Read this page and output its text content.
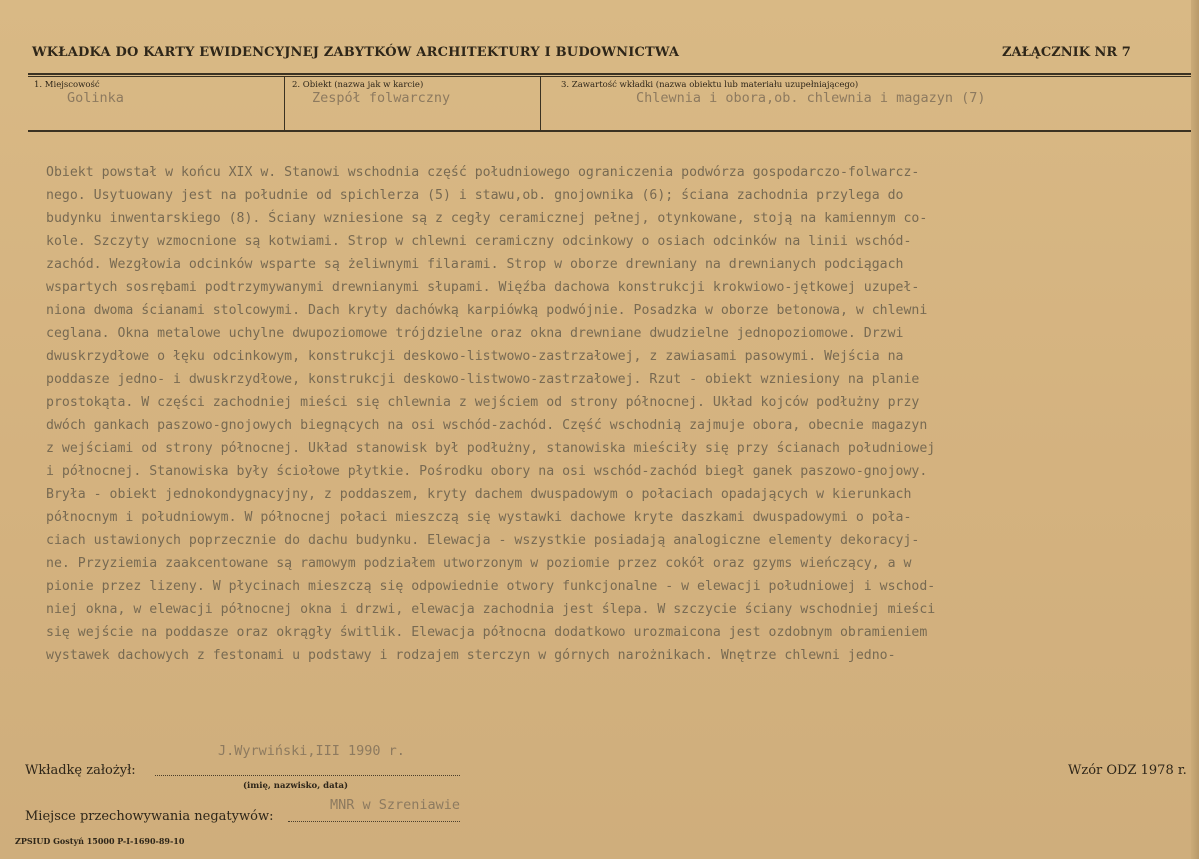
WKŁADKA DO KARTY EWIDENCYJNEJ ZABYTKÓW ARCHITEKTURY I BUDOWNICTWA	ZAŁĄCZNIK NR 7
1. Miejscowość
Golinka
2. Obiekt (nazwa jak w karcie)
Zespół folwarczny
3. Zawartość wkładki (nazwa obiektu lub materiału uzupełniającego)
Chlewnia i obora,ob. chlewnia i magazyn (7)
Obiekt powstał w końcu XIX w. Stanowi wschodnia część południowego ograniczenia podwórza gospodarczo-folwarcz-
nego. Usytuowany jest na południe od spichlerza (5) i stawu,ob. gnojownika (6); ściana zachodnia przylega do
budynku inwentarskiego (8). Ściany wzniesione są z cegły ceramicznej pełnej, otynkowane, stoją na kamiennym co-
kole. Szczyty wzmocnione są kotwiami. Strop w chlewni ceramiczny odcinkowy o osiach odcinków na linii wschód-
zachód. Wezgłowia odcinków wsparte są żeliwnymi filarami. Strop w oborze drewniany na drewnianych podciągach
wspartych sosrębami podtrzymywanymi drewnianymi słupami. Więźba dachowa konstrukcji krokwiowo-jętkowej uzupeł-
niona dwoma ścianami stolcowymi. Dach kryty dachówką karpiówką podwójnie. Posadzka w oborze betonowa, w chlewni
ceglana. Okna metalowe uchylne dwupoziomowe trójdzielne oraz okna drewniane dwudzielne jednopoziomowe. Drzwi
dwuskrzydłowe o łęku odcinkowym, konstrukcji deskowo-listwowo-zastrzałowej, z zawiasami pasowymi. Wejścia na
poddasze jedno- i dwuskrzydłowe, konstrukcji deskowo-listwowo-zastrzałowej. Rzut - obiekt wzniesiony na planie
prostokąta. W części zachodniej mieści się chlewnia z wejściem od strony północnej. Układ kojców podłużny przy
dwóch gankach paszowo-gnojowych biegnących na osi wschód-zachód. Część wschodnią zajmuje obora, obecnie magazyn
z wejściami od strony północnej. Układ stanowisk był podłużny, stanowiska mieściły się przy ścianach południowej
i północnej. Stanowiska były ściołowe płytkie. Pośrodku obory na osi wschód-zachód biegł ganek paszowo-gnojowy.
Bryła - obiekt jednokondygnacyjny, z poddaszem, kryty dachem dwuspadowym o połaciach opadających w kierunkach
północnym i południowym. W północnej połaci mieszczą się wystawki dachowe kryte daszkami dwuspadowymi o poła-
ciach ustawionych poprzecznie do dachu budynku. Elewacja - wszystkie posiadają analogiczne elementy dekoracyj-
ne. Przyziemia zaakcentowane są ramowym podziałem utworzonym w poziomie przez cokół oraz gzyms wieńczący, a w
pionie przez lizeny. W płycinach mieszczą się odpowiednie otwory funkcjonalne - w elewacji południowej i wschod-
niej okna, w elewacji północnej okna i drzwi, elewacja zachodnia jest ślepa. W szczycie ściany wschodniej mieści
się wejście na poddasze oraz okrągły świtlik. Elewacja północna dodatkowo urozmaicona jest ozdobnym obramieniem
wystawek dachowych z festonami u podstawy i rodzajem sterczyn w górnych narożnikach. Wnętrze chlewni jedno-
J.Wyrwiński,III 1990 r.
Wkładkę założył:
(imię, nazwisko, data)
Wzór ODZ 1978 r.
MNR w Szreniawie
Miejsce przechowywania negatywów:
ZPSIUD Gostyń 15000 P-I-1690-89-10
